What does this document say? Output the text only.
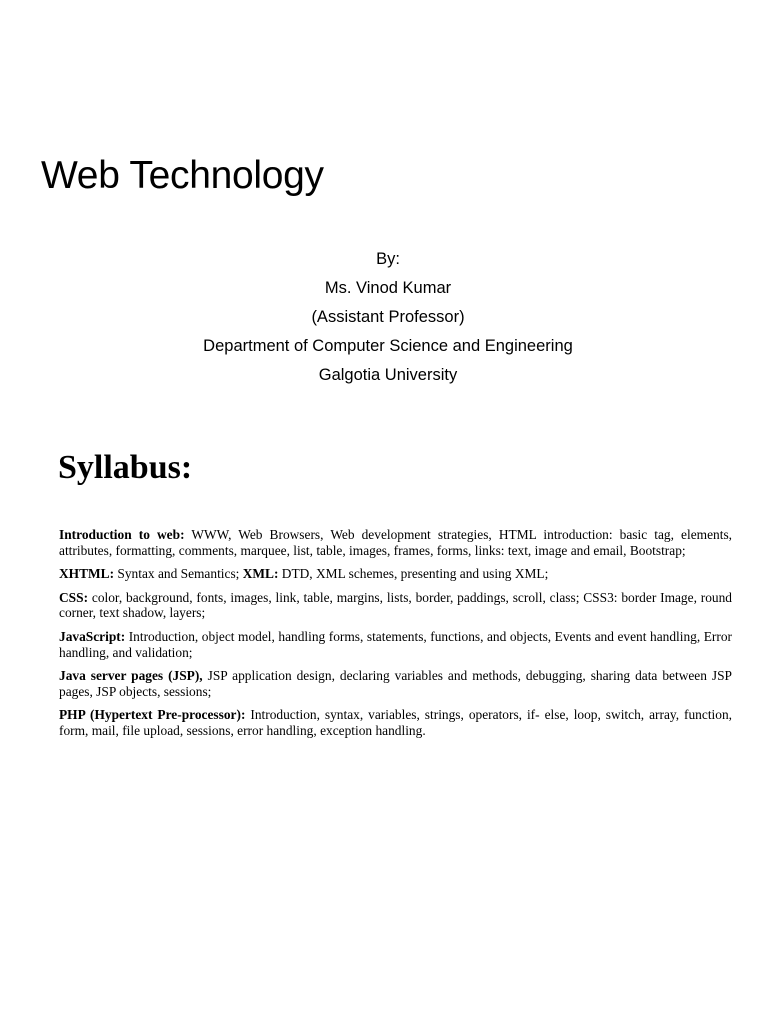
Web Technology
By:
Ms. Vinod Kumar
(Assistant Professor)
Department of Computer Science and Engineering
Galgotia University
Syllabus:

Introduction to web: WWW, Web Browsers, Web development strategies, HTML introduction: basic tag, elements, attributes, formatting, comments, marquee, list, table, images, frames, forms, links: text, image and email, Bootstrap;

XHTML: Syntax and Semantics; XML: DTD, XML schemes, presenting and using XML;

CSS: color, background, fonts, images, link, table, margins, lists, border, paddings, scroll, class; CSS3: border Image, round corner, text shadow, layers;

JavaScript: Introduction, object model, handling forms, statements, functions, and objects, Events and event handling, Error handling, and validation;

Java server pages (JSP), JSP application design, declaring variables and methods, debugging, sharing data between JSP pages, JSP objects, sessions;

PHP (Hypertext Pre-processor): Introduction, syntax, variables, strings, operators, if- else, loop, switch, array, function, form, mail, file upload, sessions, error handling, exception handling.
